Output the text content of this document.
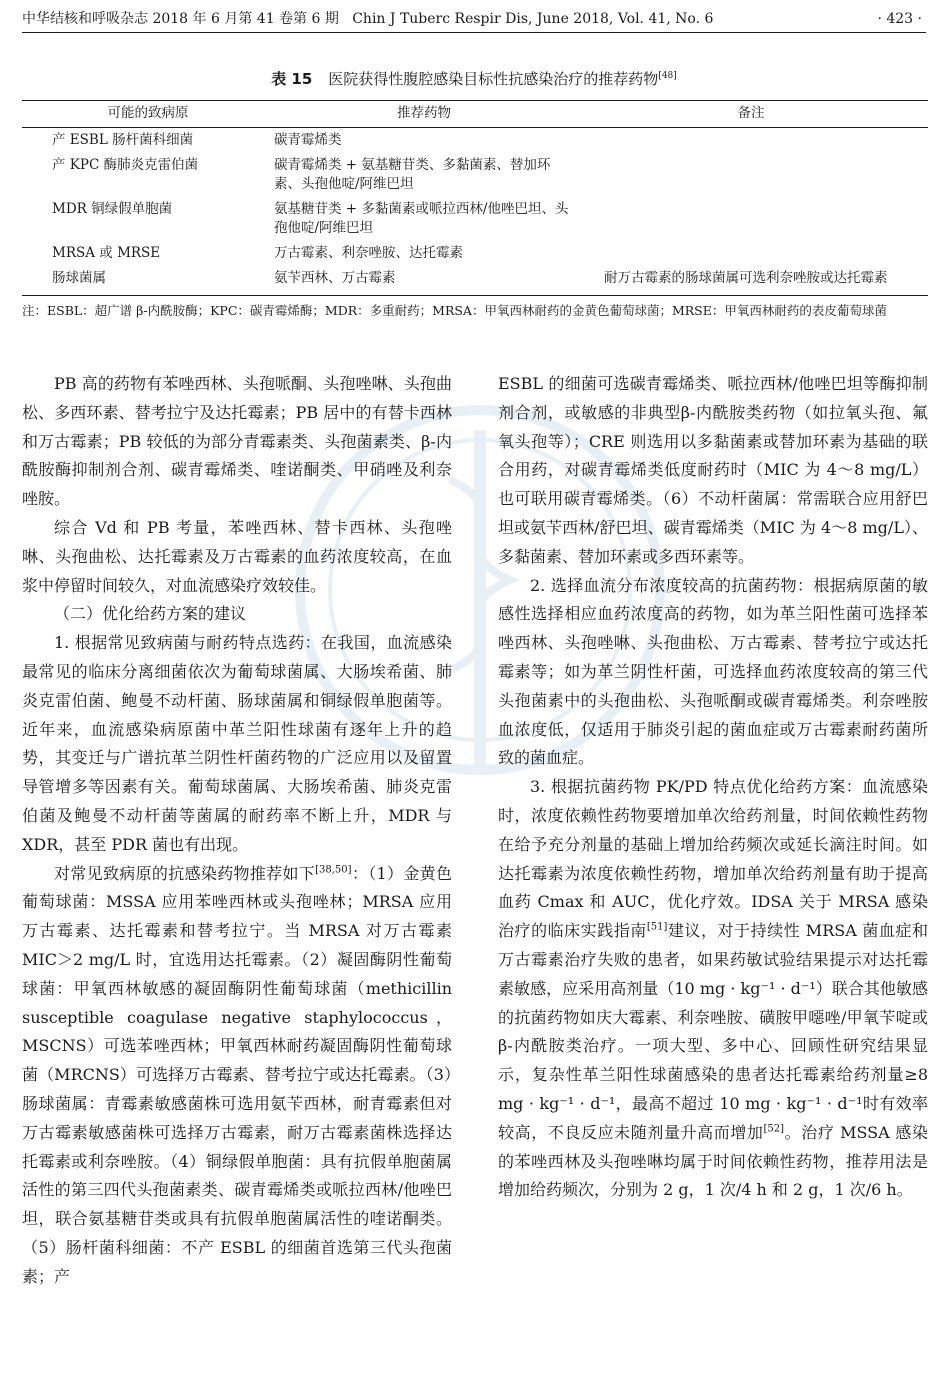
中华结核和呼吸杂志 2018 年 6 月第 41 卷第 6 期 Chin J Tuberc Respir Dis, June 2018, Vol. 41, No. 6	· 423 ·
表 15 医院获得性腹腔感染目标性抗感染治疗的推荐药物[48]
可能的致病原	推荐药物	备注
产 ESBL 肠杆菌科细菌	碳青霉烯类	
产 KPC 酶肺炎克雷伯菌	碳青霉烯类 + 氨基糖苷类、多黏菌素、替加环素、头孢他啶/阿维巴坦	
MDR 铜绿假单胞菌	氨基糖苷类 + 多黏菌素或哌拉西林/他唑巴坦、头孢他啶/阿维巴坦	
MRSA 或 MRSE	万古霉素、利奈唑胺、达托霉素	
肠球菌属	氨苄西林、万古霉素	耐万古霉素的肠球菌属可选利奈唑胺或达托霉素
注：ESBL：超广谱 β-内酰胺酶；KPC：碳青霉烯酶；MDR：多重耐药；MRSA：甲氧西林耐药的金黄色葡萄球菌；MRSE：甲氧西林耐药的表皮葡萄球菌

PB 高的药物有苯唑西林、头孢哌酮、头孢唑啉、头孢曲松、多西环素、替考拉宁及达托霉素；PB 居中的有替卡西林和万古霉素；PB 较低的为部分青霉素类、头孢菌素类、β-内酰胺酶抑制剂合剂、碳青霉烯类、喹诺酮类、甲硝唑及利奈唑胺。

综合 Vd 和 PB 考量，苯唑西林、替卡西林、头孢唑啉、头孢曲松、达托霉素及万古霉素的血药浓度较高，在血浆中停留时间较久，对血流感染疗效较佳。

（二）优化给药方案的建议

1. 根据常见致病菌与耐药特点选药：在我国，血流感染最常见的临床分离细菌依次为葡萄球菌属、大肠埃希菌、肺炎克雷伯菌、鲍曼不动杆菌、肠球菌属和铜绿假单胞菌等。近年来，血流感染病原菌中革兰阳性球菌有逐年上升的趋势，其变迁与广谱抗革兰阴性杆菌药物的广泛应用以及留置导管增多等因素有关。葡萄球菌属、大肠埃希菌、肺炎克雷伯菌及鲍曼不动杆菌等菌属的耐药率不断上升，MDR 与 XDR，甚至 PDR 菌也有出现。

对常见致病原的抗感染药物推荐如下[38,50]：（1）金黄色葡萄球菌：MSSA 应用苯唑西林或头孢唑林；MRSA 应用万古霉素、达托霉素和替考拉宁。当 MRSA 对万古霉素 MIC＞2 mg/L 时，宜选用达托霉素。（2）凝固酶阴性葡萄球菌：甲氧西林敏感的凝固酶阴性葡萄球菌（methicillin susceptible coagulase negative staphylococcus，MSCNS）可选苯唑西林；甲氧西林耐药凝固酶阴性葡萄球菌（MRCNS）可选择万古霉素、替考拉宁或达托霉素。（3）肠球菌属：青霉素敏感菌株可选用氨苄西林，耐青霉素但对万古霉素敏感菌株可选择万古霉素，耐万古霉素菌株选择达托霉素或利奈唑胺。（4）铜绿假单胞菌：具有抗假单胞菌属活性的第三四代头孢菌素类、碳青霉烯类或哌拉西林/他唑巴坦，联合氨基糖苷类或具有抗假单胞菌属活性的喹诺酮类。（5）肠杆菌科细菌：不产 ESBL 的细菌首选第三代头孢菌素；产

ESBL 的细菌可选碳青霉烯类、哌拉西林/他唑巴坦等酶抑制剂合剂，或敏感的非典型β-内酰胺类药物（如拉氧头孢、氟氧头孢等）；CRE 则选用以多黏菌素或替加环素为基础的联合用药，对碳青霉烯类低度耐药时（MIC 为 4～8 mg/L）也可联用碳青霉烯类。（6）不动杆菌属：常需联合应用舒巴坦或氨苄西林/舒巴坦、碳青霉烯类（MIC 为 4～8 mg/L）、多黏菌素、替加环素或多西环素等。

2. 选择血流分布浓度较高的抗菌药物：根据病原菌的敏感性选择相应血药浓度高的药物，如为革兰阳性菌可选择苯唑西林、头孢唑啉、头孢曲松、万古霉素、替考拉宁或达托霉素等；如为革兰阴性杆菌，可选择血药浓度较高的第三代头孢菌素中的头孢曲松、头孢哌酮或碳青霉烯类。利奈唑胺血浓度低，仅适用于肺炎引起的菌血症或万古霉素耐药菌所致的菌血症。

3. 根据抗菌药物 PK/PD 特点优化给药方案：血流感染时，浓度依赖性药物要增加单次给药剂量，时间依赖性药物在给予充分剂量的基础上增加给药频次或延长滴注时间。如达托霉素为浓度依赖性药物，增加单次给药剂量有助于提高血药 Cmax 和 AUC，优化疗效。IDSA 关于 MRSA 感染治疗的临床实践指南[51]建议，对于持续性 MRSA 菌血症和万古霉素治疗失败的患者，如果药敏试验结果提示对达托霉素敏感，应采用高剂量（10 mg · kg⁻¹ · d⁻¹）联合其他敏感的抗菌药物如庆大霉素、利奈唑胺、磺胺甲噁唑/甲氧苄啶或 β-内酰胺类治疗。一项大型、多中心、回顾性研究结果显示，复杂性革兰阳性球菌感染的患者达托霉素给药剂量≥8 mg · kg⁻¹ · d⁻¹，最高不超过 10 mg · kg⁻¹ · d⁻¹时有效率较高，不良反应未随剂量升高而增加[52]。治疗 MSSA 感染的苯唑西林及头孢唑啉均属于时间依赖性药物，推荐用法是增加给药频次，分别为 2 g，1 次/4 h 和 2 g，1 次/6 h。
